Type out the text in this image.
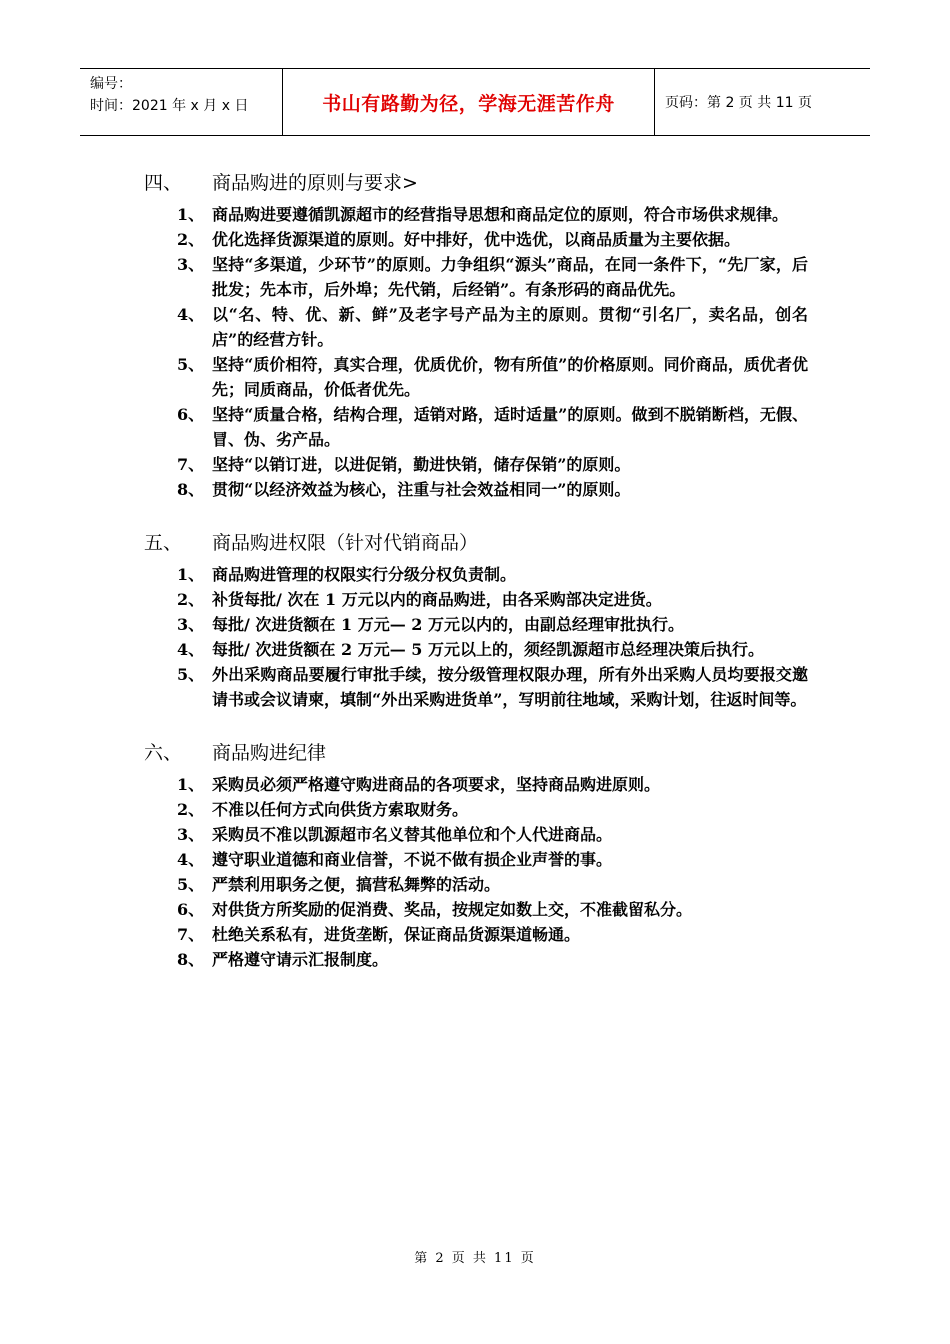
编号：
时间：2021 年 x 月 x 日	书山有路勤为径，学海无涯苦作舟	页码：第 2 页 共 11 页
四、	商品购进的原则与要求>
1、 商品购进要遵循凯源超市的经营指导思想和商品定位的原则，符合市场供求规律。
2、 优化选择货源渠道的原则。好中排好，优中选优，以商品质量为主要依据。
3、 坚持“多渠道，少环节”的原则。力争组织“源头”商品，在同一条件下，“先厂家，后批发；先本市，后外埠；先代销，后经销”。有条形码的商品优先。
4、 以“名、特、优、新、鲜”及老字号产品为主的原则。贯彻“引名厂，卖名品，创名店”的经营方针。
5、 坚持“质价相符，真实合理，优质优价，物有所值”的价格原则。同价商品，质优者优先；同质商品，价低者优先。
6、 坚持“质量合格，结构合理，适销对路，适时适量”的原则。做到不脱销断档，无假、冒、伪、劣产品。
7、 坚持“以销订进，以进促销，勤进快销，储存保销”的原则。
8、 贯彻“以经济效益为核心，注重与社会效益相同一”的原则。
五、	商品购进权限（针对代销商品）
1、 商品购进管理的权限实行分级分权负责制。
2、 补货每批/ 次在 1 万元以内的商品购进，由各采购部决定进货。
3、 每批/ 次进货额在 1 万元— 2 万元以内的，由副总经理审批执行。
4、 每批/ 次进货额在 2 万元— 5 万元以上的，须经凯源超市总经理决策后执行。
5、 外出采购商品要履行审批手续，按分级管理权限办理，所有外出采购人员均要报交邀请书或会议请柬，填制“外出采购进货单”，写明前往地域，采购计划，往返时间等。
六、	商品购进纪律
1、 采购员必须严格遵守购进商品的各项要求，坚持商品购进原则。
2、 不准以任何方式向供货方索取财务。
3、 采购员不准以凯源超市名义替其他单位和个人代进商品。
4、 遵守职业道德和商业信誉，不说不做有损企业声誉的事。
5、 严禁利用职务之便，搞营私舞弊的活动。
6、 对供货方所奖励的促消费、奖品，按规定如数上交，不准截留私分。
7、 杜绝关系私有，进货垄断，保证商品货源渠道畅通。
8、 严格遵守请示汇报制度。
第 2 页 共 11 页
